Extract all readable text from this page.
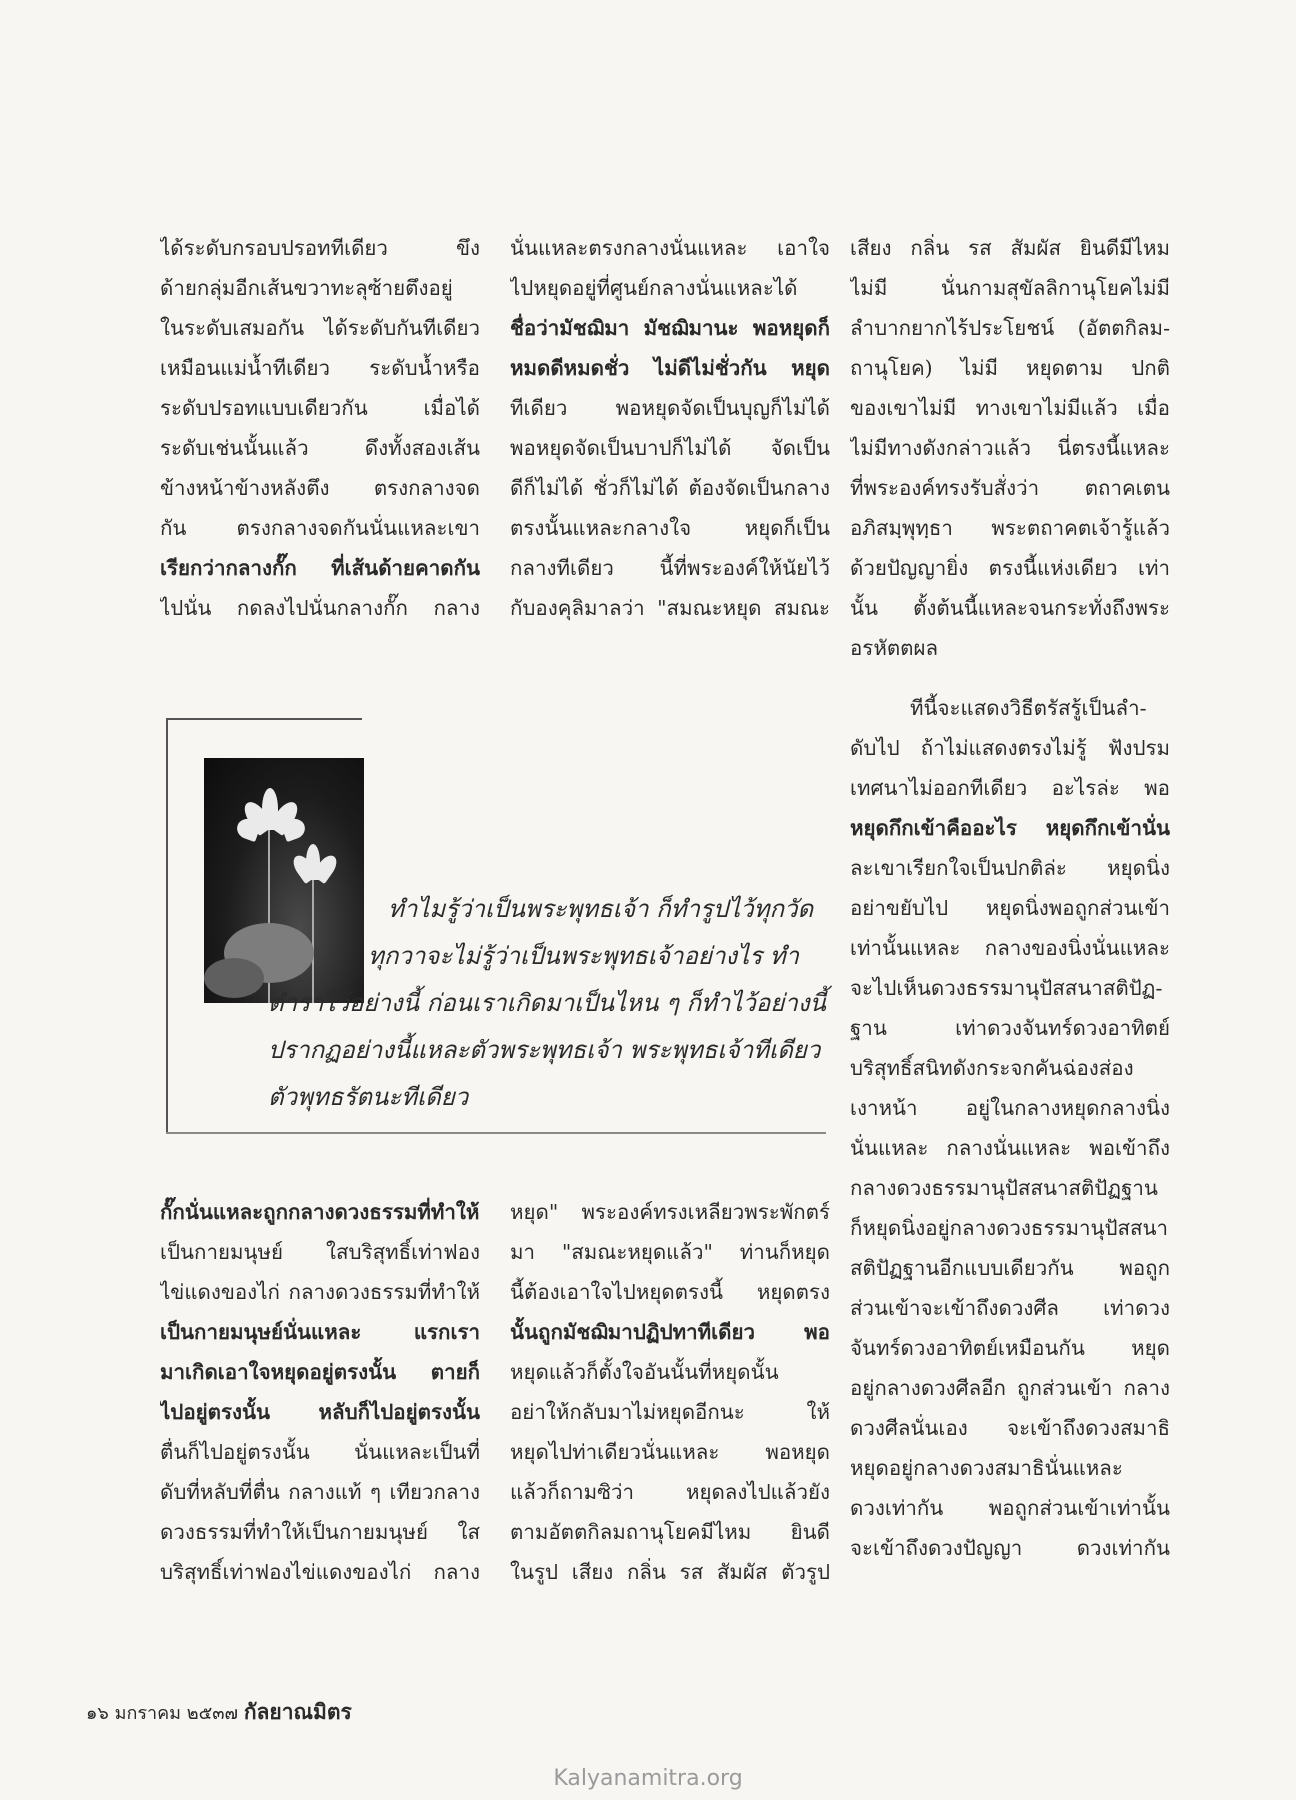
ได้ระดับกรอบปรอททีเดียว ขึง
ด้ายกลุ่มอีกเส้นขวาทะลุซ้ายตึงอยู่
ในระดับเสมอกัน ได้ระดับกันทีเดียว
เหมือนแม่น้ำทีเดียว ระดับน้ำหรือ
ระดับปรอทแบบเดียวกัน เมื่อได้
ระดับเช่นนั้นแล้ว ดึงทั้งสองเส้น
ข้างหน้าข้างหลังตึง ตรงกลางจด
กัน ตรงกลางจดกันนั่นแหละเขา
เรียกว่ากลางกั๊ก ที่เส้นด้ายคาดกัน
ไปนั่น กดลงไปนั่นกลางกั๊ก กลาง
นั่นแหละตรงกลางนั่นแหละ เอาใจ
ไปหยุดอยู่ที่ศูนย์กลางนั่นแหละได้
ชื่อว่ามัชฌิมา มัชฌิมานะ พอหยุดก็
หมดดีหมดชั่ว ไม่ดีไม่ชั่วกัน หยุด
ทีเดียว พอหยุดจัดเป็นบุญก็ไม่ได้
พอหยุดจัดเป็นบาปก็ไม่ได้ จัดเป็น
ดีก็ไม่ได้ ชั่วก็ไม่ได้ ต้องจัดเป็นกลาง
ตรงนั้นแหละกลางใจ หยุดก็เป็น
กลางทีเดียว นี้ที่พระองค์ให้นัยไว้
กับองคุลิมาลว่า "สมณะหยุด สมณะ
เสียง กลิ่น รส สัมผัส ยินดีมีไหม
ไม่มี นั่นกามสุขัลลิกานุโยคไม่มี
ลำบากยากไร้ประโยชน์ (อัตตกิลม-
ถานุโยค) ไม่มี หยุดตาม ปกติ
ของเขาไม่มี ทางเขาไม่มีแล้ว เมื่อ
ไม่มีทางดังกล่าวแล้ว นี่ตรงนี้แหละ
ที่พระองค์ทรงรับสั่งว่า ตถาคเตน
อภิสมฺพุทฺธา พระตถาคตเจ้ารู้แล้ว
ด้วยปัญญายิ่ง ตรงนี้แห่งเดียว เท่า
นั้น ตั้งต้นนี้แหละจนกระทั่งถึงพระ
อรหัตตผล
ทีนี้จะแสดงวิธีตรัสรู้เป็นลำ-
ดับไป ถ้าไม่แสดงตรงไม่รู้ ฟังปรม
เทศนาไม่ออกทีเดียว อะไรล่ะ พอ
หยุดกึกเข้าคืออะไร หยุดกึกเข้านั่น
ละเขาเรียกใจเป็นปกติล่ะ หยุดนิ่ง
อย่าขยับไป หยุดนิ่งพอถูกส่วนเข้า
เท่านั้นแหละ กลางของนิ่งนั่นแหละ
จะไปเห็นดวงธรรมานุปัสสนาสติปัฏ-
ฐาน เท่าดวงจันทร์ดวงอาทิตย์
บริสุทธิ์สนิทดังกระจกคันฉ่องส่อง
เงาหน้า อยู่ในกลางหยุดกลางนิ่ง
นั่นแหละ กลางนั่นแหละ พอเข้าถึง
กลางดวงธรรมานุปัสสนาสติปัฏฐาน
ก็หยุดนิ่งอยู่กลางดวงธรรมานุปัสสนา
สติปัฏฐานอีกแบบเดียวกัน พอถูก
ส่วนเข้าจะเข้าถึงดวงศีล เท่าดวง
จันทร์ดวงอาทิตย์เหมือนกัน หยุด
อยู่กลางดวงศีลอีก ถูกส่วนเข้า กลาง
ดวงศีลนั่นเอง จะเข้าถึงดวงสมาธิ
หยุดอยู่กลางดวงสมาธินั่นแหละ
ดวงเท่ากัน พอถูกส่วนเข้าเท่านั้น
จะเข้าถึงดวงปัญญา ดวงเท่ากัน
ทำไมรู้ว่าเป็นพระพุทธเจ้า ก็ทำรูปไว้ทุกวัด
ทุกวาจะไม่รู้ว่าเป็นพระพุทธเจ้าอย่างไร ทำ
ตำราไว้อย่างนี้ ก่อนเราเกิดมาเป็นไหน ๆ ก็ทำไว้อย่างนี้
ปรากฏอย่างนี้แหละตัวพระพุทธเจ้า พระพุทธเจ้าทีเดียว
ตัวพุทธรัตนะทีเดียว
กั๊กนั่นแหละถูกกลางดวงธรรมที่ทำให้
เป็นกายมนุษย์ ใสบริสุทธิ์เท่าฟอง
ไข่แดงของไก่ กลางดวงธรรมที่ทำให้
เป็นกายมนุษย์นั่นแหละ แรกเรา
มาเกิดเอาใจหยุดอยู่ตรงนั้น ตายก็
ไปอยู่ตรงนั้น หลับก็ไปอยู่ตรงนั้น
ตื่นก็ไปอยู่ตรงนั้น นั่นแหละเป็นที่
ดับที่หลับที่ตื่น กลางแท้ ๆ เทียวกลาง
ดวงธรรมที่ทำให้เป็นกายมนุษย์ ใส
บริสุทธิ์เท่าฟองไข่แดงของไก่ กลาง
หยุด" พระองค์ทรงเหลียวพระพักตร์
มา "สมณะหยุดแล้ว" ท่านก็หยุด
นี้ต้องเอาใจไปหยุดตรงนี้ หยุดตรง
นั้นถูกมัชฌิมาปฏิปทาทีเดียว พอ
หยุดแล้วก็ตั้งใจอันนั้นที่หยุดนั้น
อย่าให้กลับมาไม่หยุดอีกนะ ให้
หยุดไปท่าเดียวนั่นแหละ พอหยุด
แล้วก็ถามซิว่า หยุดลงไปแล้วยัง
ตามอัตตกิลมถานุโยคมีไหม ยินดี
ในรูป เสียง กลิ่น รส สัมผัส ตัวรูป
๑๖ มกราคม ๒๕๓๗ กัลยาณมิตร
Kalyanamitra.org
